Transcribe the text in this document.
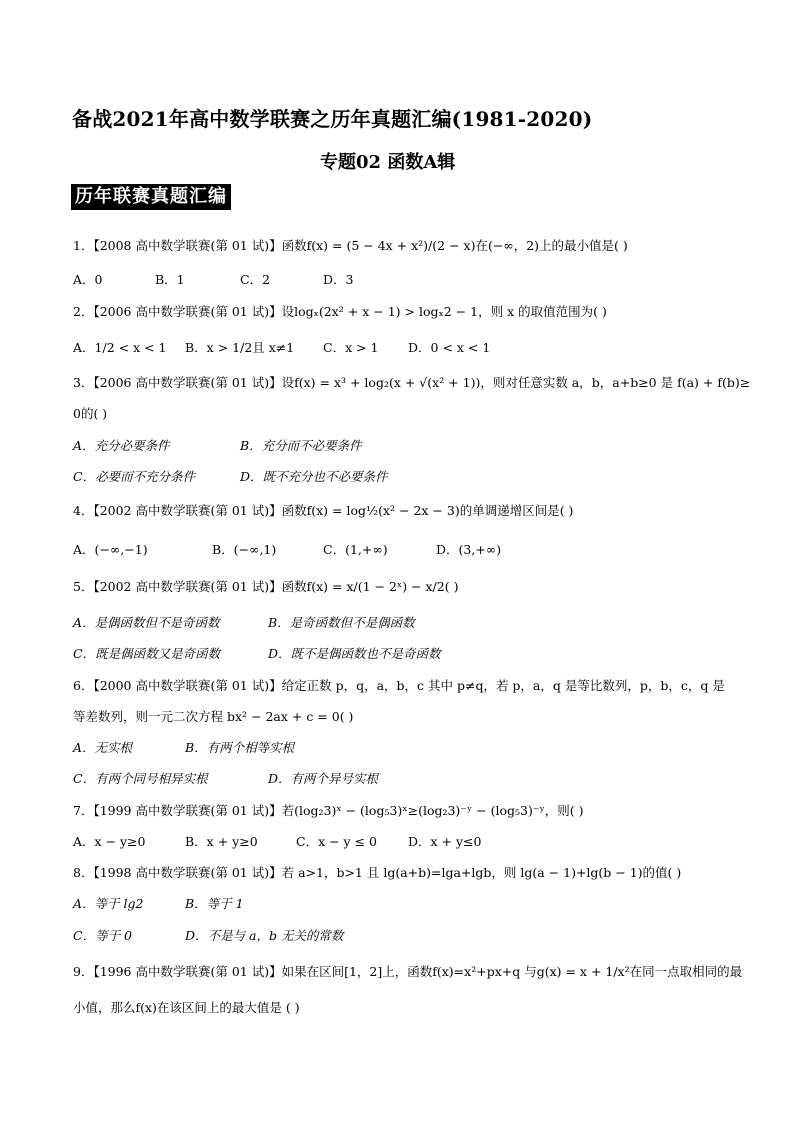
备战2021年高中数学联赛之历年真题汇编(1981-2020)
专题02 函数A辑
历年联赛真题汇编
1．【2008 高中数学联赛(第 01 试)】函数f(x) = (5 − 4x + x²)/(2 − x)在(−∞，2)上的最小值是( )
A．0	B．1	C．2	D．3
2．【2006 高中数学联赛(第 01 试)】设logₓ(2x² + x − 1) > logₓ2 − 1，则 x 的取值范围为( )
A．1/2 < x < 1 B．x > 1/2且 x≠1 C．x > 1 D．0 < x < 1
3．【2006 高中数学联赛(第 01 试)】设f(x) = x³ + log₂(x + √(x² + 1))，则对任意实数 a，b，a+b≥0 是 f(a) + f(b)≥
0的( )
A．充分必要条件	B．充分而不必要条件
C．必要而不充分条件	D．既不充分也不必要条件
4．【2002 高中数学联赛(第 01 试)】函数f(x) = log½(x² − 2x − 3)的单调递增区间是( )
A．(−∞,−1)	B．(−∞,1)	C．(1,+∞)	D．(3,+∞)
5．【2002 高中数学联赛(第 01 试)】函数f(x) = x/(1 − 2ˣ) − x/2( )
A．是偶函数但不是奇函数	B．是奇函数但不是偶函数
C．既是偶函数又是奇函数	D．既不是偶函数也不是奇函数
6．【2000 高中数学联赛(第 01 试)】给定正数 p，q，a，b，c 其中 p≠q，若 p，a，q 是等比数列，p，b，c，q 是
等差数列，则一元二次方程 bx² − 2ax + c = 0( )
A．无实根	B．有两个相等实根
C．有两个同号相异实根	D．有两个异号实根
7．【1999 高中数学联赛(第 01 试)】若(log₂3)ˣ − (log₅3)ˣ≥(log₂3)⁻ʸ − (log₅3)⁻ʸ，则( )
A．x − y≥0	B．x + y≥0	C．x − y ≤ 0 D．x + y≤0
8．【1998 高中数学联赛(第 01 试)】若 a>1，b>1 且 lg(a+b)=lga+lgb，则 lg(a − 1)+lg(b − 1)的值( )
A．等于 lg2	B．等于 1
C．等于 0	D．不是与 a，b 无关的常数
9．【1996 高中数学联赛(第 01 试)】如果在区间[1，2]上，函数f(x)=x²+px+q 与g(x) = x + 1/x²在同一点取相同的最
小值，那么f(x)在该区间上的最大值是 ( )
